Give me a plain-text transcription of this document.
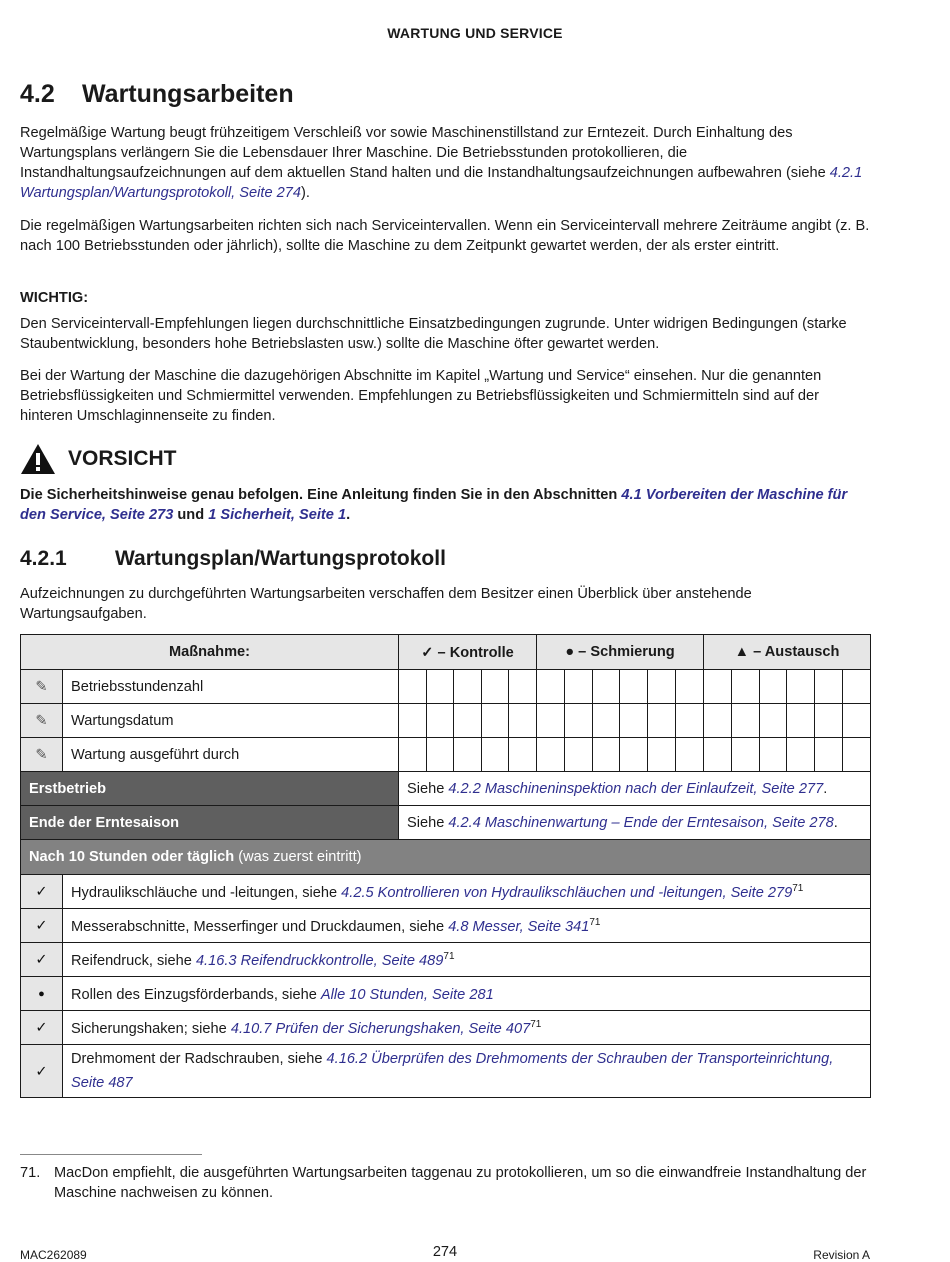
WARTUNG UND SERVICE
4.2 Wartungsarbeiten

Regelmäßige Wartung beugt frühzeitigem Verschleiß vor sowie Maschinenstillstand zur Erntezeit. Durch Einhaltung des Wartungsplans verlängern Sie die Lebensdauer Ihrer Maschine. Die Betriebsstunden protokollieren, die Instandhaltungsaufzeichnungen auf dem aktuellen Stand halten und die Instandhaltungsaufzeichnungen aufbewahren (siehe 4.2.1 Wartungsplan/Wartungsprotokoll, Seite 274).

Die regelmäßigen Wartungsarbeiten richten sich nach Serviceintervallen. Wenn ein Serviceintervall mehrere Zeiträume angibt (z. B. nach 100 Betriebsstunden oder jährlich), sollte die Maschine zu dem Zeitpunkt gewartet werden, der als erster eintritt.

WICHTIG:

Den Serviceintervall-Empfehlungen liegen durchschnittliche Einsatzbedingungen zugrunde. Unter widrigen Bedingungen (starke Staubentwicklung, besonders hohe Betriebslasten usw.) sollte die Maschine öfter gewartet werden.

Bei der Wartung der Maschine die dazugehörigen Abschnitte im Kapitel „Wartung und Service“ einsehen. Nur die genannten Betriebsflüssigkeiten und Schmiermittel verwenden. Empfehlungen zu Betriebsflüssigkeiten und Schmiermitteln sind auf der hinteren Umschlaginnenseite zu finden.

VORSICHT

Die Sicherheitshinweise genau befolgen. Eine Anleitung finden Sie in den Abschnitten 4.1 Vorbereiten der Maschine für den Service, Seite 273 und 1 Sicherheit, Seite 1.

4.2.1 Wartungsplan/Wartungsprotokoll

Aufzeichnungen zu durchgeführten Wartungsarbeiten verschaffen dem Besitzer einen Überblick über anstehende Wartungsaufgaben.

Maßnahme:		✓ – Kontrolle	● – Schmierung	▲ – Austausch
✎	Betriebsstundenzahl	

✎	Wartungsdatum	

✎	Wartung ausgeführt durch	

Erstbetrieb		Siehe 4.2.2 Maschineninspektion nach der Einlaufzeit, Seite 277.		
Ende der Erntesaison		Siehe 4.2.4 Maschinenwartung – Ende der Erntesaison, Seite 278.		
Nach 10 Stunden oder täglich (was zuerst eintritt)				
✓	Hydraulikschläuche und -leitungen, siehe 4.2.5 Kontrollieren von Hydraulikschläuchen und -leitungen, Seite $279^{71}$
✓	Messerabschnitte, Messerfinger und Druckdaumen, siehe 4.8 Messer, Seite $341^{71}$
✓	Reifendruck, siehe 4.16.3 Reifendruckkontrolle, Seite $489^{71}$
●	Rollen des Einzugsförderbands, siehe Alle 10 Stunden, Seite 281			
✓	Sicherungshaken; siehe 4.10.7 Prüfen der Sicherungshaken, Seite $407^{71}$
✓	Drehmoment der Radschrauben, siehe 4.16.2 Überprüfen des Drehmoments der Schrauben der Transporteinrichtung, Seite 487			
71. MacDon empfiehlt, die ausgeführten Wartungsarbeiten taggenau zu protokollieren, um so die einwandfreie Instandhaltung der Maschine nachweisen zu können.
MAC262089	274	Revision A
